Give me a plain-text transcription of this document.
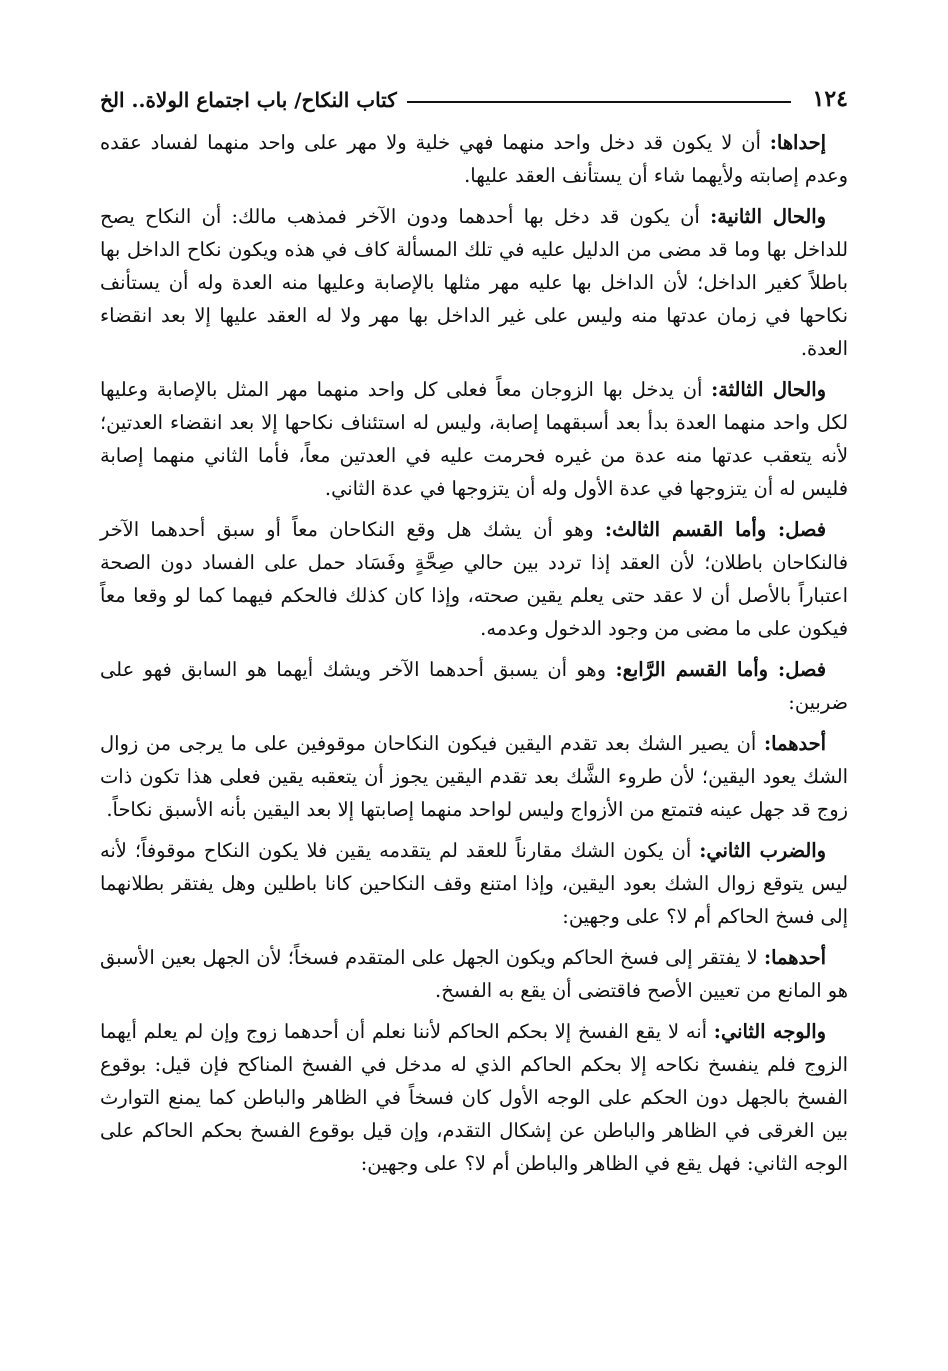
١٢٤
كتاب النكاح/ باب اجتماع الولاة.. الخ

إحداها: أن لا يكون قد دخل واحد منهما فهي خلية ولا مهر على واحد منهما لفساد عقده وعدم إصابته ولأيهما شاء أن يستأنف العقد عليها.

والحال الثانية: أن يكون قد دخل بها أحدهما ودون الآخر فمذهب مالك: أن النكاح يصح للداخل بها وما قد مضى من الدليل عليه في تلك المسألة كاف في هذه ويكون نكاح الداخل بها باطلاً كغير الداخل؛ لأن الداخل بها عليه مهر مثلها بالإصابة وعليها منه العدة وله أن يستأنف نكاحها في زمان عدتها منه وليس على غير الداخل بها مهر ولا له العقد عليها إلا بعد انقضاء العدة.

والحال الثالثة: أن يدخل بها الزوجان معاً فعلى كل واحد منهما مهر المثل بالإصابة وعليها لكل واحد منهما العدة بدأ بعد أسبقهما إصابة، وليس له استئناف نكاحها إلا بعد انقضاء العدتين؛ لأنه يتعقب عدتها منه عدة من غيره فحرمت عليه في العدتين معاً، فأما الثاني منهما إصابة فليس له أن يتزوجها في عدة الأول وله أن يتزوجها في عدة الثاني.

فصل: وأما القسم الثالث: وهو أن يشك هل وقع النكاحان معاً أو سبق أحدهما الآخر فالنكاحان باطلان؛ لأن العقد إذا تردد بين حالي صِحَّةٍ وفَسَاد حمل على الفساد دون الصحة اعتباراً بالأصل أن لا عقد حتى يعلم يقين صحته، وإذا كان كذلك فالحكم فيهما كما لو وقعا معاً فيكون على ما مضى من وجود الدخول وعدمه.

فصل: وأما القسم الرَّابع: وهو أن يسبق أحدهما الآخر ويشك أيهما هو السابق فهو على ضربين:

أحدهما: أن يصير الشك بعد تقدم اليقين فيكون النكاحان موقوفين على ما يرجى من زوال الشك يعود اليقين؛ لأن طروء الشَّك بعد تقدم اليقين يجوز أن يتعقبه يقين فعلى هذا تكون ذات زوج قد جهل عينه فتمتع من الأزواج وليس لواحد منهما إصابتها إلا بعد اليقين بأنه الأسبق نكاحاً.

والضرب الثاني: أن يكون الشك مقارناً للعقد لم يتقدمه يقين فلا يكون النكاح موقوفاً؛ لأنه ليس يتوقع زوال الشك بعود اليقين، وإذا امتنع وقف النكاحين كانا باطلين وهل يفتقر بطلانهما إلى فسخ الحاكم أم لا؟ على وجهين:

أحدهما: لا يفتقر إلى فسخ الحاكم ويكون الجهل على المتقدم فسخاً؛ لأن الجهل بعين الأسبق هو المانع من تعيين الأصح فاقتضى أن يقع به الفسخ.

والوجه الثاني: أنه لا يقع الفسخ إلا بحكم الحاكم لأننا نعلم أن أحدهما زوج وإن لم يعلم أيهما الزوج فلم ينفسخ نكاحه إلا بحكم الحاكم الذي له مدخل في الفسخ المناكح فإن قيل: بوقوع الفسخ بالجهل دون الحكم على الوجه الأول كان فسخاً في الظاهر والباطن كما يمنع التوارث بين الغرقى في الظاهر والباطن عن إشكال التقدم، وإن قيل بوقوع الفسخ بحكم الحاكم على الوجه الثاني: فهل يقع في الظاهر والباطن أم لا؟ على وجهين:
